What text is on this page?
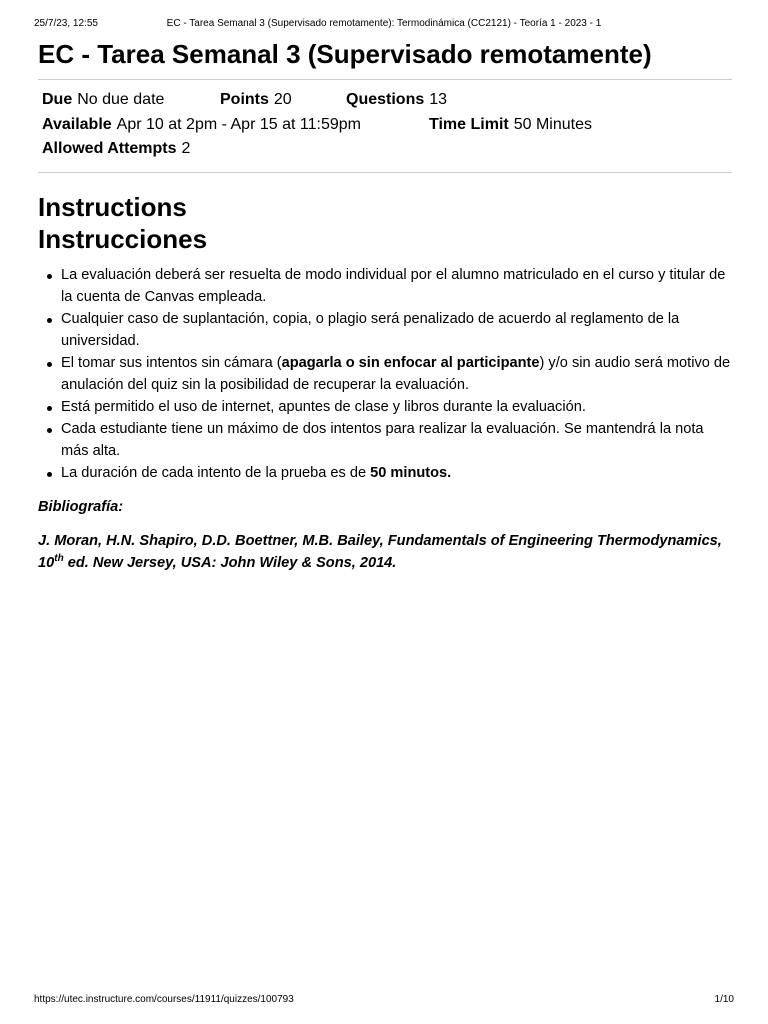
25/7/23, 12:55	EC - Tarea Semanal 3 (Supervisado remotamente): Termodinámica (CC2121) - Teoría 1 - 2023 - 1
EC - Tarea Semanal 3 (Supervisado remotamente)
Due No due date	Points 20	Questions 13
Available Apr 10 at 2pm - Apr 15 at 11:59pm	Time Limit 50 Minutes
Allowed Attempts 2
Instructions
Instrucciones
La evaluación deberá ser resuelta de modo individual por el alumno matriculado en el curso y titular de la cuenta de Canvas empleada.
Cualquier caso de suplantación, copia, o plagio será penalizado de acuerdo al reglamento de la universidad.
El tomar sus intentos sin cámara (apagarla o sin enfocar al participante) y/o sin audio será motivo de anulación del quiz sin la posibilidad de recuperar la evaluación.
Está permitido el uso de internet, apuntes de clase y libros durante la evaluación.
Cada estudiante tiene un máximo de dos intentos para realizar la evaluación. Se mantendrá la nota más alta.
La duración de cada intento de la prueba es de 50 minutos.

Bibliografía:

J. Moran, H.N. Shapiro, D.D. Boettner, M.B. Bailey, Fundamentals of Engineering Thermodynamics, 10th ed. New Jersey, USA: John Wiley & Sons, 2014.

https://utec.instructure.com/courses/11911/quizzes/100793	1/10
